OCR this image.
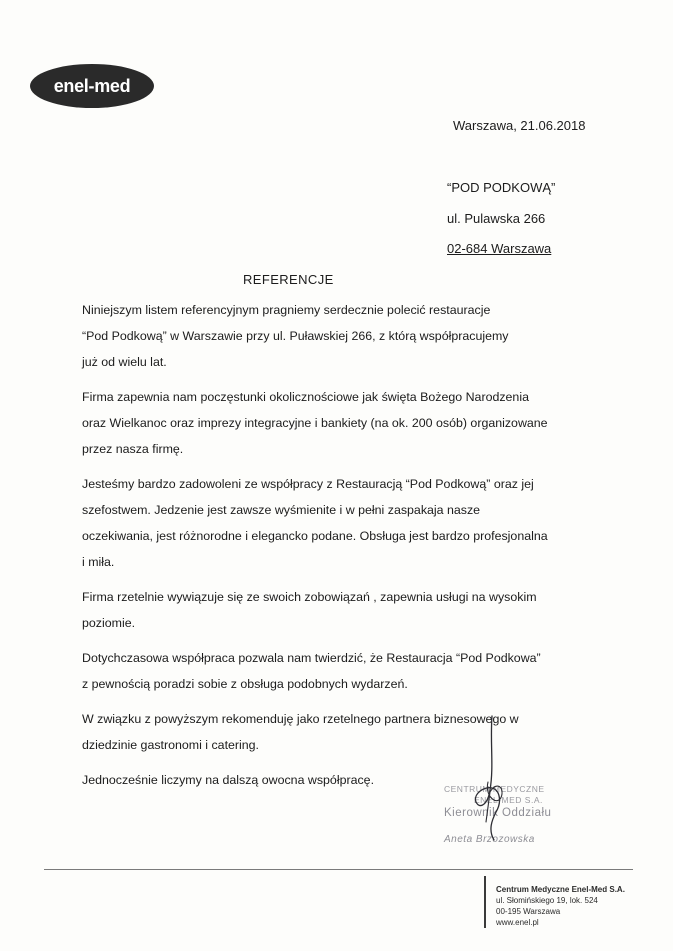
enel-med
Warszawa, 21.06.2018
“POD PODKOWĄ”
ul. Pulawska 266
02-684 Warszawa
REFERENCJE

Niniejszym listem referencyjnym pragniemy serdecznie polecić restauracje
“Pod Podkową” w Warszawie przy ul. Puławskiej 266, z którą współpracujemy
już od wielu lat.

Firma zapewnia nam poczęstunki okolicznościowe jak święta Bożego Narodzenia
oraz Wielkanoc oraz imprezy integracyjne i bankiety (na ok. 200 osób) organizowane
przez nasza firmę.

Jesteśmy bardzo zadowoleni ze współpracy z Restauracją “Pod Podkową” oraz jej
szefostwem. Jedzenie jest zawsze wyśmienite i w pełni zaspakaja nasze
oczekiwania, jest różnorodne i elegancko podane. Obsługa jest bardzo profesjonalna
i miła.

Firma rzetelnie wywiązuje się ze swoich zobowiązań , zapewnia usługi na wysokim
poziomie.

Dotychczasowa współpraca pozwala nam twierdzić, że Restauracja “Pod Podkowa”
z pewnością poradzi sobie z obsługa podobnych wydarzeń.

W związku z powyższym rekomenduję jako rzetelnego partnera biznesowego w
dziedzinie gastronomi i catering.

Jednocześnie liczymy na dalszą owocna współpracę.

CENTRUM MEDYCZNE
ENEL-MED S.A.
Kierownik Oddziału
Aneta Brzozowska
Centrum Medyczne Enel-Med S.A.
ul. Słomińskiego 19, lok. 524
00-195 Warszawa
www.enel.pl
